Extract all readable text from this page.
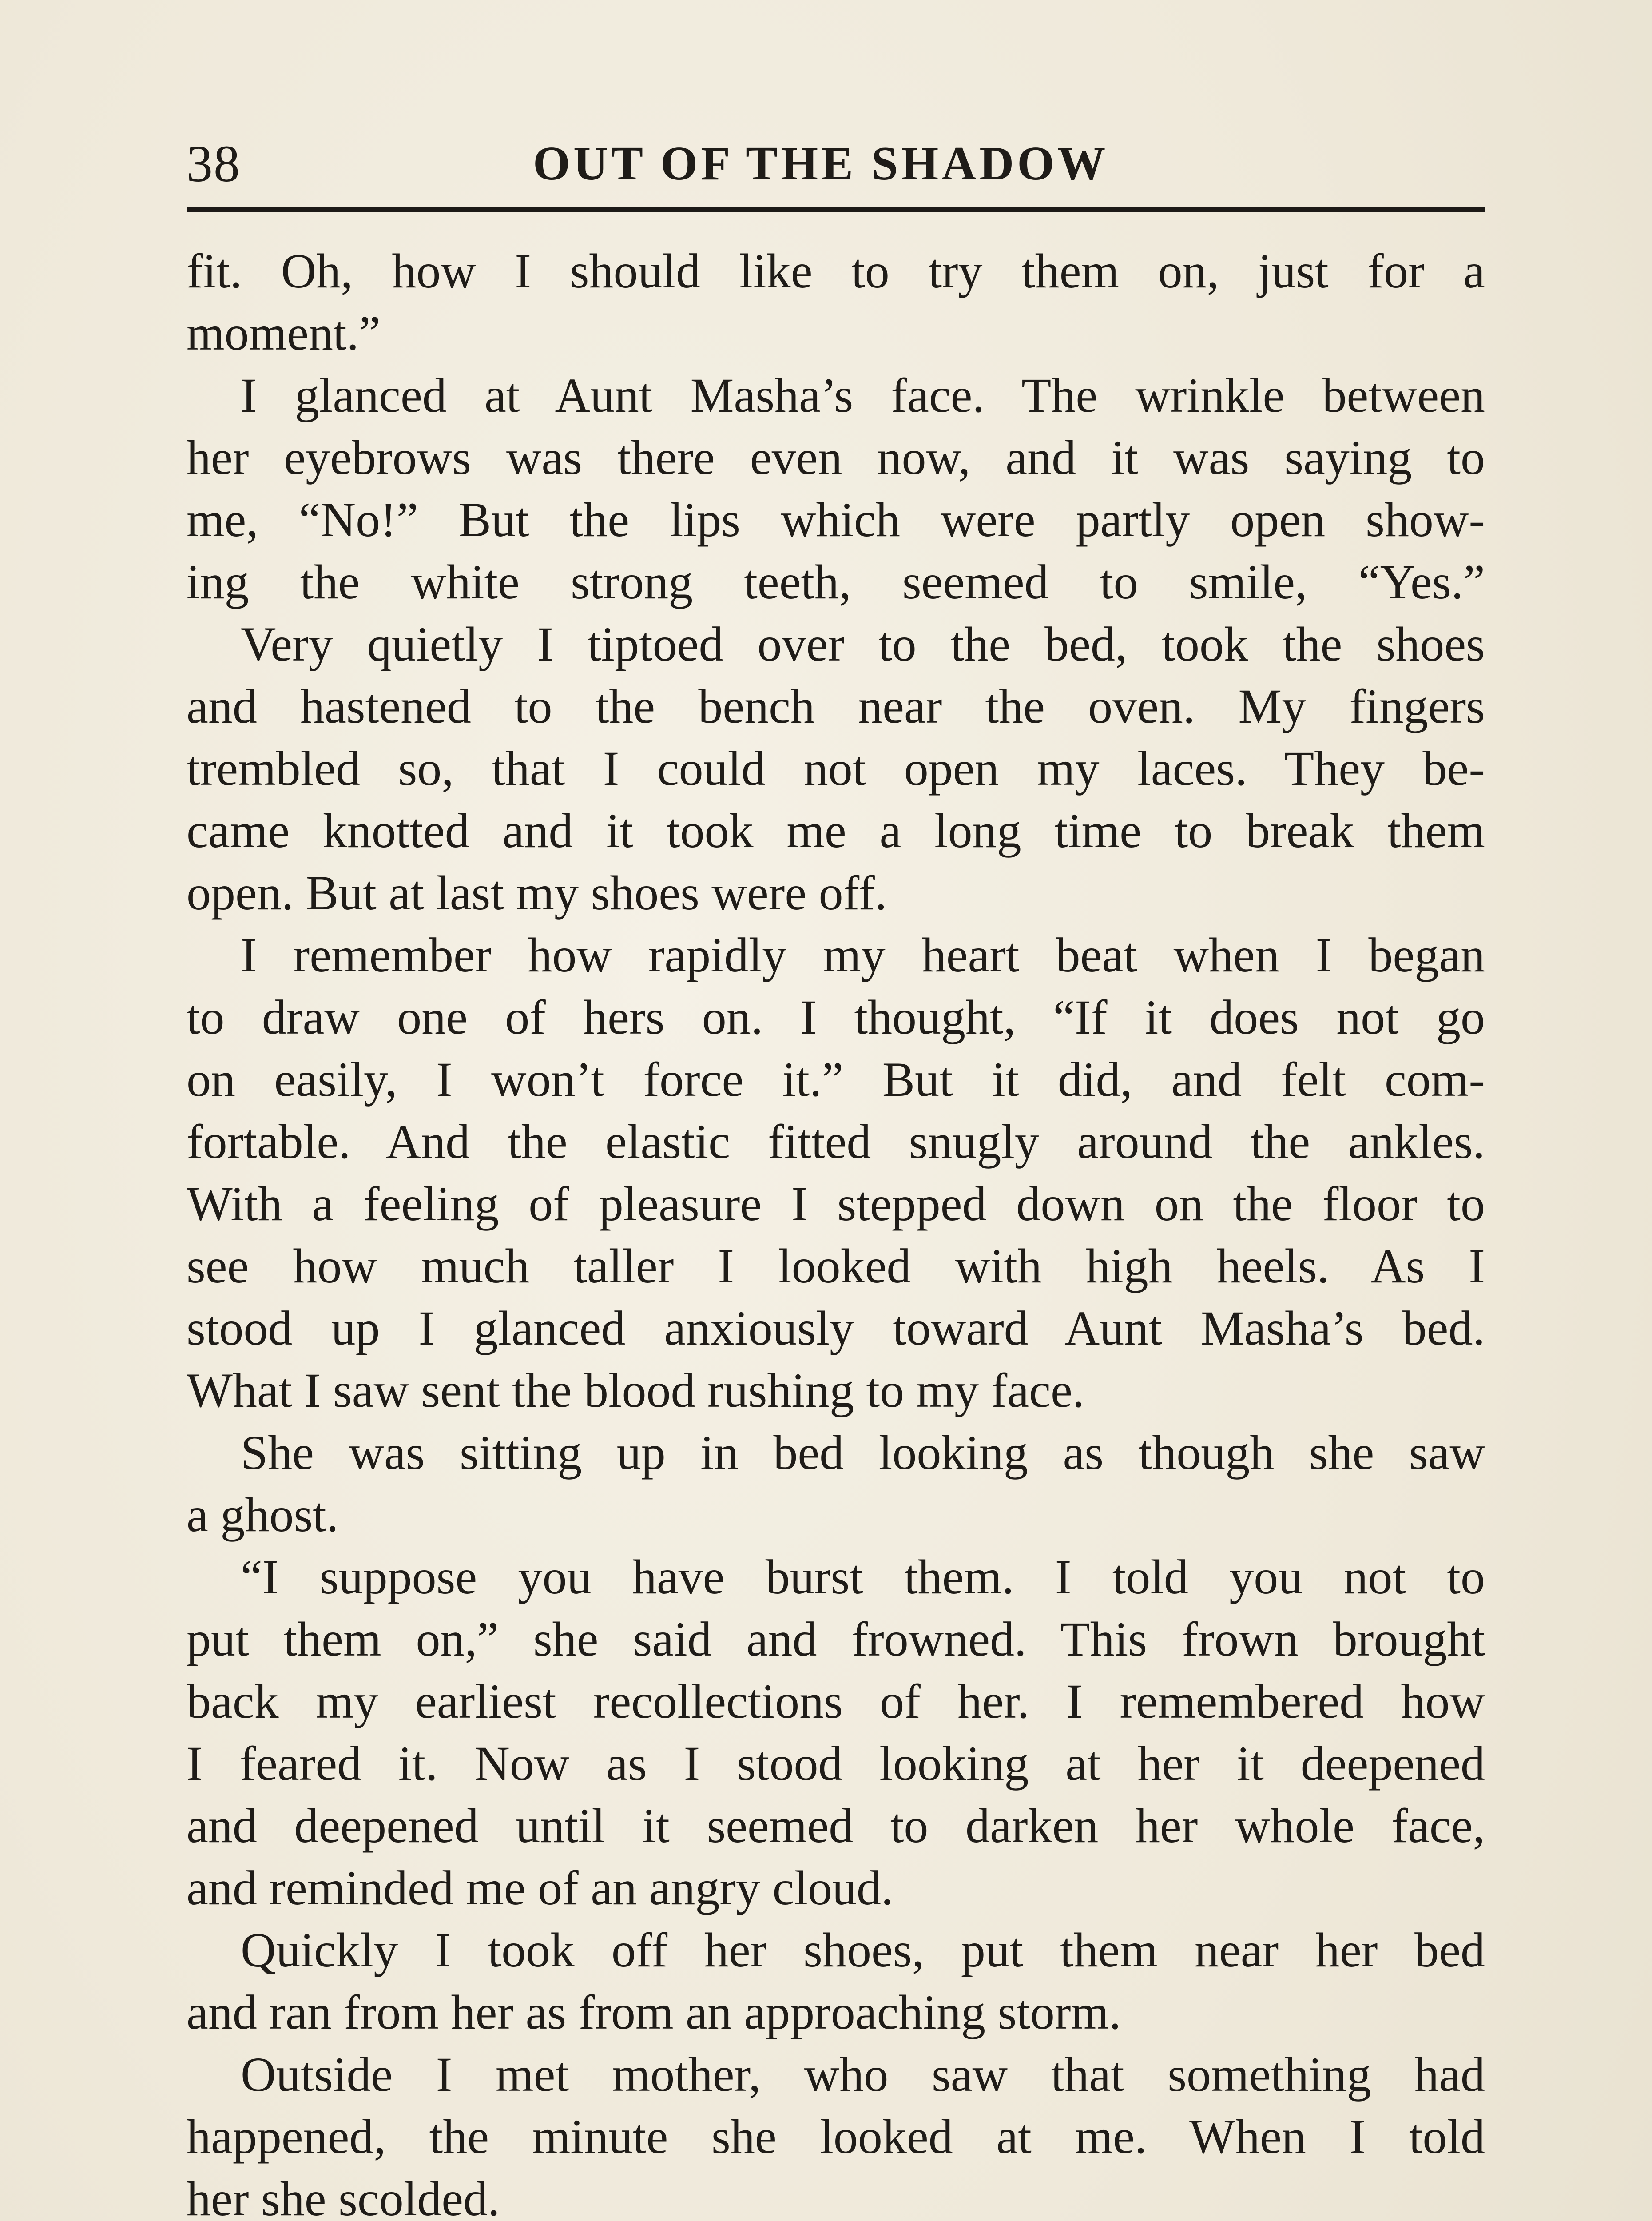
38	OUT OF THE SHADOW
fit. Oh, how I should like to try them on, just for a
moment.”
I glanced at Aunt Masha’s face. The wrinkle between
her eyebrows was there even now, and it was saying to
me, “No!” But the lips which were partly open show-
ing the white strong teeth, seemed to smile, “Yes.”
Very quietly I tiptoed over to the bed, took the shoes
and hastened to the bench near the oven. My fingers
trembled so, that I could not open my laces. They be-
came knotted and it took me a long time to break them
open. But at last my shoes were off.
I remember how rapidly my heart beat when I began
to draw one of hers on. I thought, “If it does not go
on easily, I won’t force it.” But it did, and felt com-
fortable. And the elastic fitted snugly around the ankles.
With a feeling of pleasure I stepped down on the floor to
see how much taller I looked with high heels. As I
stood up I glanced anxiously toward Aunt Masha’s bed.
What I saw sent the blood rushing to my face.
She was sitting up in bed looking as though she saw
a ghost.
“I suppose you have burst them. I told you not to
put them on,” she said and frowned. This frown brought
back my earliest recollections of her. I remembered how
I feared it. Now as I stood looking at her it deepened
and deepened until it seemed to darken her whole face,
and reminded me of an angry cloud.
Quickly I took off her shoes, put them near her bed
and ran from her as from an approaching storm.
Outside I met mother, who saw that something had
happened, the minute she looked at me. When I told
her she scolded.
